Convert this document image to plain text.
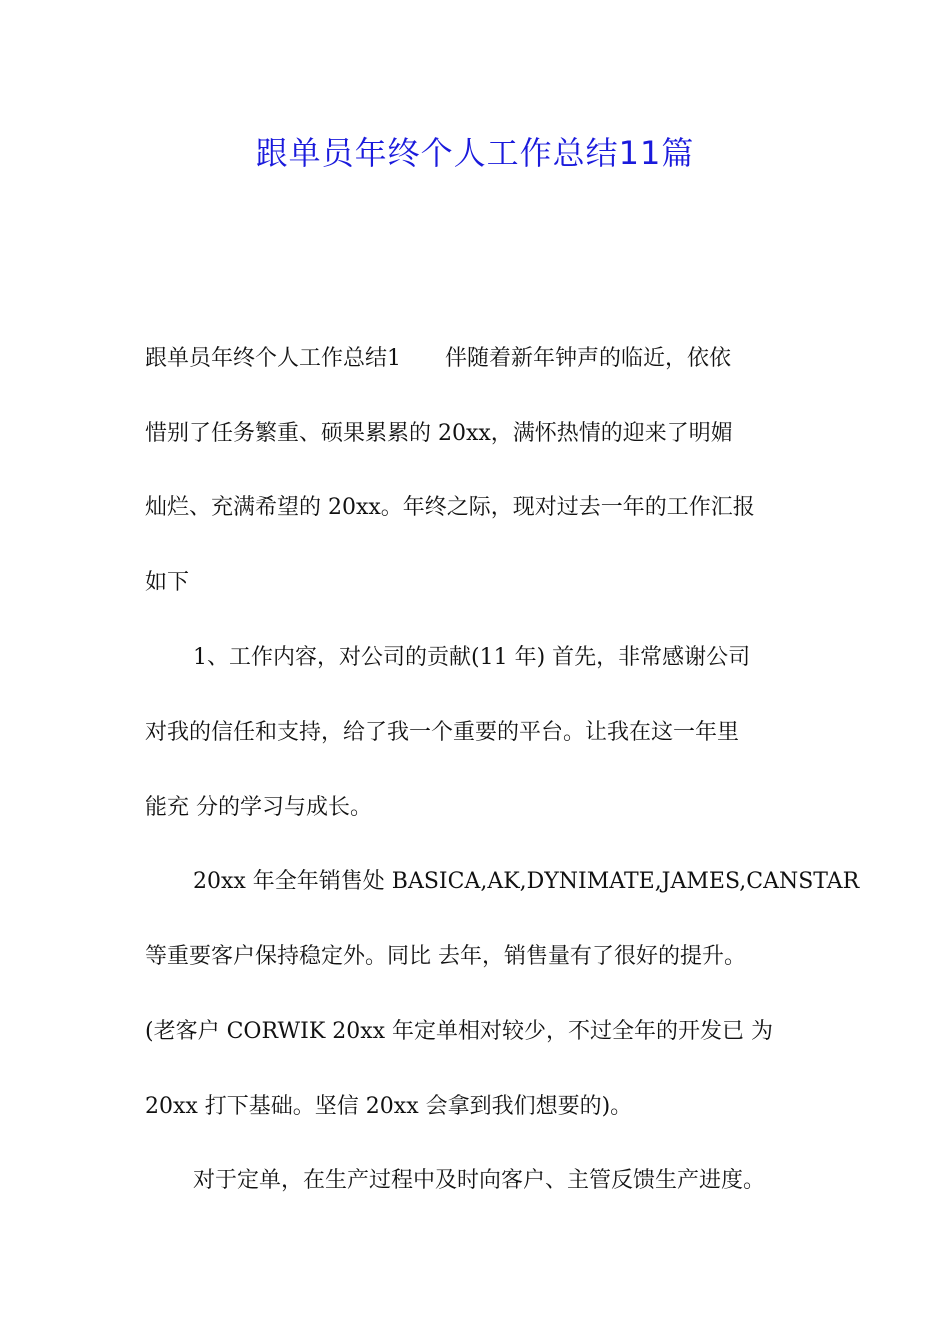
跟单员年终个人工作总结11篇
跟单员年终个人工作总结1　　伴随着新年钟声的临近，依依
惜别了任务繁重、硕果累累的 20xx，满怀热情的迎来了明媚
灿烂、充满希望的 20xx。年终之际，现对过去一年的工作汇报
如下
1、工作内容，对公司的贡献(11 年) 首先，非常感谢公司
对我的信任和支持，给了我一个重要的平台。让我在这一年里
能充 分的学习与成长。
20xx 年全年销售处 BASICA,AK,DYNIMATE,JAMES,CANSTAR
等重要客户保持稳定外。同比 去年，销售量有了很好的提升。
(老客户 CORWIK 20xx 年定单相对较少，不过全年的开发已 为
20xx 打下基础。坚信 20xx 会拿到我们想要的)。
对于定单，在生产过程中及时向客户、主管反馈生产进度。
